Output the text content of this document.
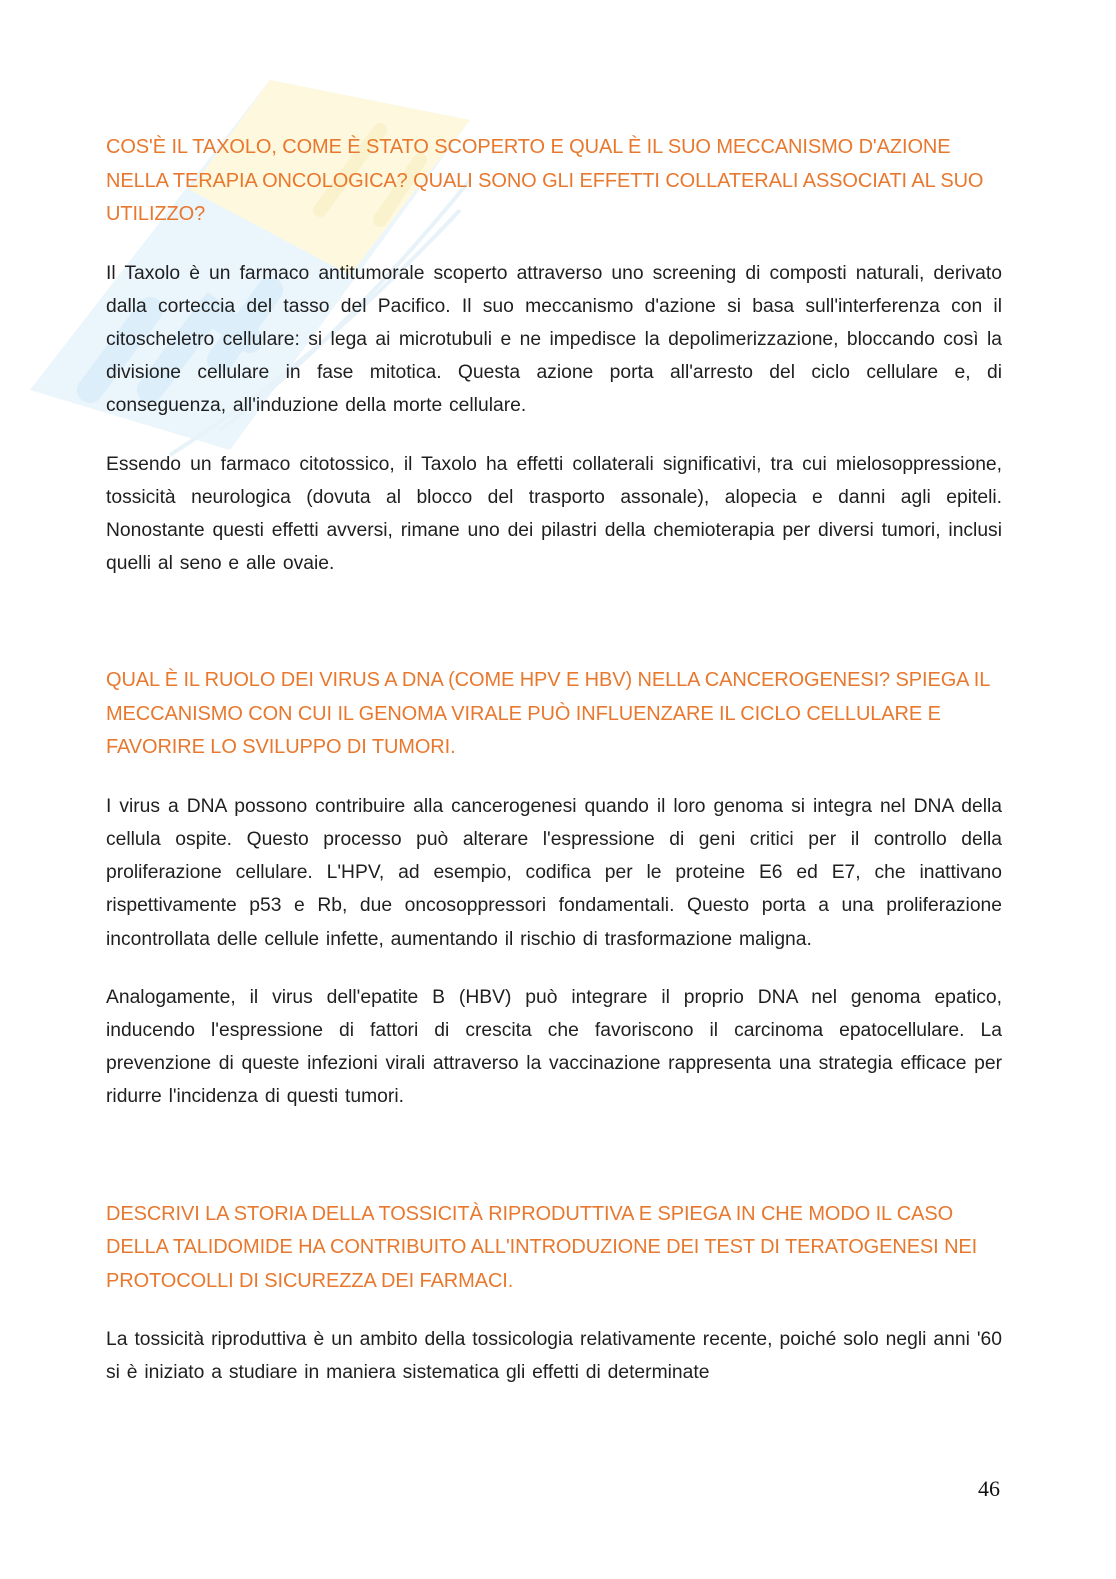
COS'È IL TAXOLO, COME È STATO SCOPERTO E QUAL È IL SUO MECCANISMO D'AZIONE NELLA TERAPIA ONCOLOGICA? QUALI SONO GLI EFFETTI COLLATERALI ASSOCIATI AL SUO UTILIZZO?

Il Taxolo è un farmaco antitumorale scoperto attraverso uno screening di composti naturali, derivato dalla corteccia del tasso del Pacifico. Il suo meccanismo d'azione si basa sull'interferenza con il citoscheletro cellulare: si lega ai microtubuli e ne impedisce la depolimerizzazione, bloccando così la divisione cellulare in fase mitotica. Questa azione porta all'arresto del ciclo cellulare e, di conseguenza, all'induzione della morte cellulare.

Essendo un farmaco citotossico, il Taxolo ha effetti collaterali significativi, tra cui mielosoppressione, tossicità neurologica (dovuta al blocco del trasporto assonale), alopecia e danni agli epiteli. Nonostante questi effetti avversi, rimane uno dei pilastri della chemioterapia per diversi tumori, inclusi quelli al seno e alle ovaie.

QUAL È IL RUOLO DEI VIRUS A DNA (COME HPV E HBV) NELLA CANCEROGENESI? SPIEGA IL MECCANISMO CON CUI IL GENOMA VIRALE PUÒ INFLUENZARE IL CICLO CELLULARE E FAVORIRE LO SVILUPPO DI TUMORI.

I virus a DNA possono contribuire alla cancerogenesi quando il loro genoma si integra nel DNA della cellula ospite. Questo processo può alterare l'espressione di geni critici per il controllo della proliferazione cellulare. L'HPV, ad esempio, codifica per le proteine E6 ed E7, che inattivano rispettivamente p53 e Rb, due oncosoppressori fondamentali. Questo porta a una proliferazione incontrollata delle cellule infette, aumentando il rischio di trasformazione maligna.

Analogamente, il virus dell'epatite B (HBV) può integrare il proprio DNA nel genoma epatico, inducendo l'espressione di fattori di crescita che favoriscono il carcinoma epatocellulare. La prevenzione di queste infezioni virali attraverso la vaccinazione rappresenta una strategia efficace per ridurre l'incidenza di questi tumori.

DESCRIVI LA STORIA DELLA TOSSICITÀ RIPRODUTTIVA E SPIEGA IN CHE MODO IL CASO DELLA TALIDOMIDE HA CONTRIBUITO ALL'INTRODUZIONE DEI TEST DI TERATOGENESI NEI PROTOCOLLI DI SICUREZZA DEI FARMACI.

La tossicità riproduttiva è un ambito della tossicologia relativamente recente, poiché solo negli anni '60 si è iniziato a studiare in maniera sistematica gli effetti di determinate

46
